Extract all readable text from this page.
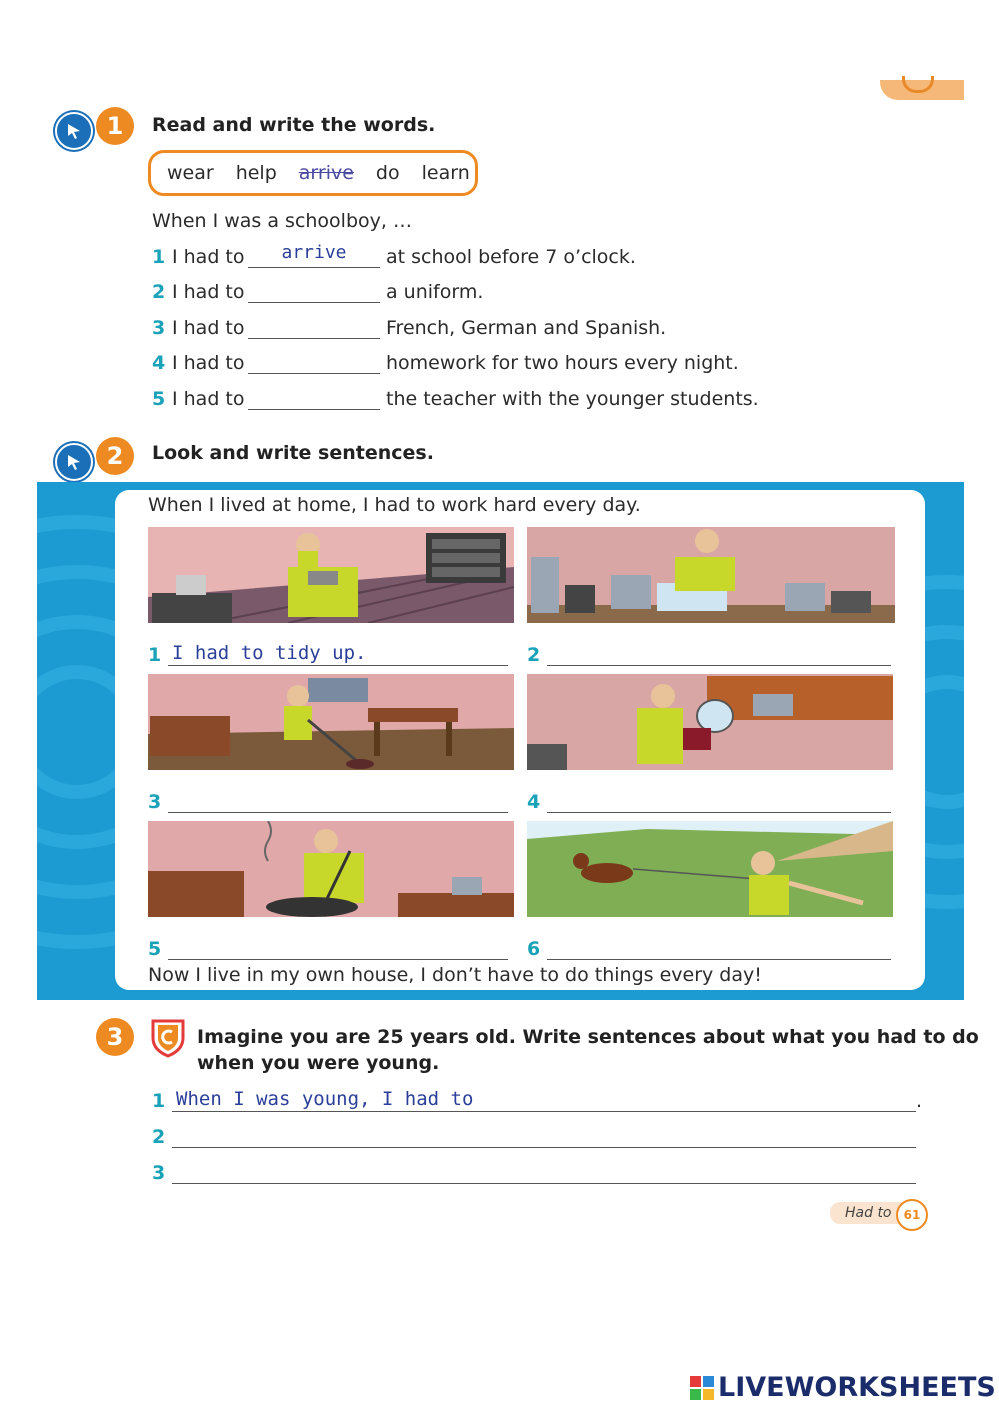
1	Read and write the words.
wear help arrive do learn
When I was a schoolboy, …
1 I had to	arrive	at school before 7 o’clock.
2 I had to	a uniform.
3 I had to	French, German and Spanish.
4 I had to	homework for two hours every night.
5 I had to	the teacher with the younger students.
2	Look and write sentences.
When I lived at home, I had to work hard every day.
1 I had to tidy up.	2
3	4
5	6
Now I live in my own house, I don’t have to do things every day!
3	Imagine you are 25 years old. Write sentences about what you had to do
when you were young.
1 When I was young, I had to	.
2
3
Had to	61
LIVEWORKSHEETS
